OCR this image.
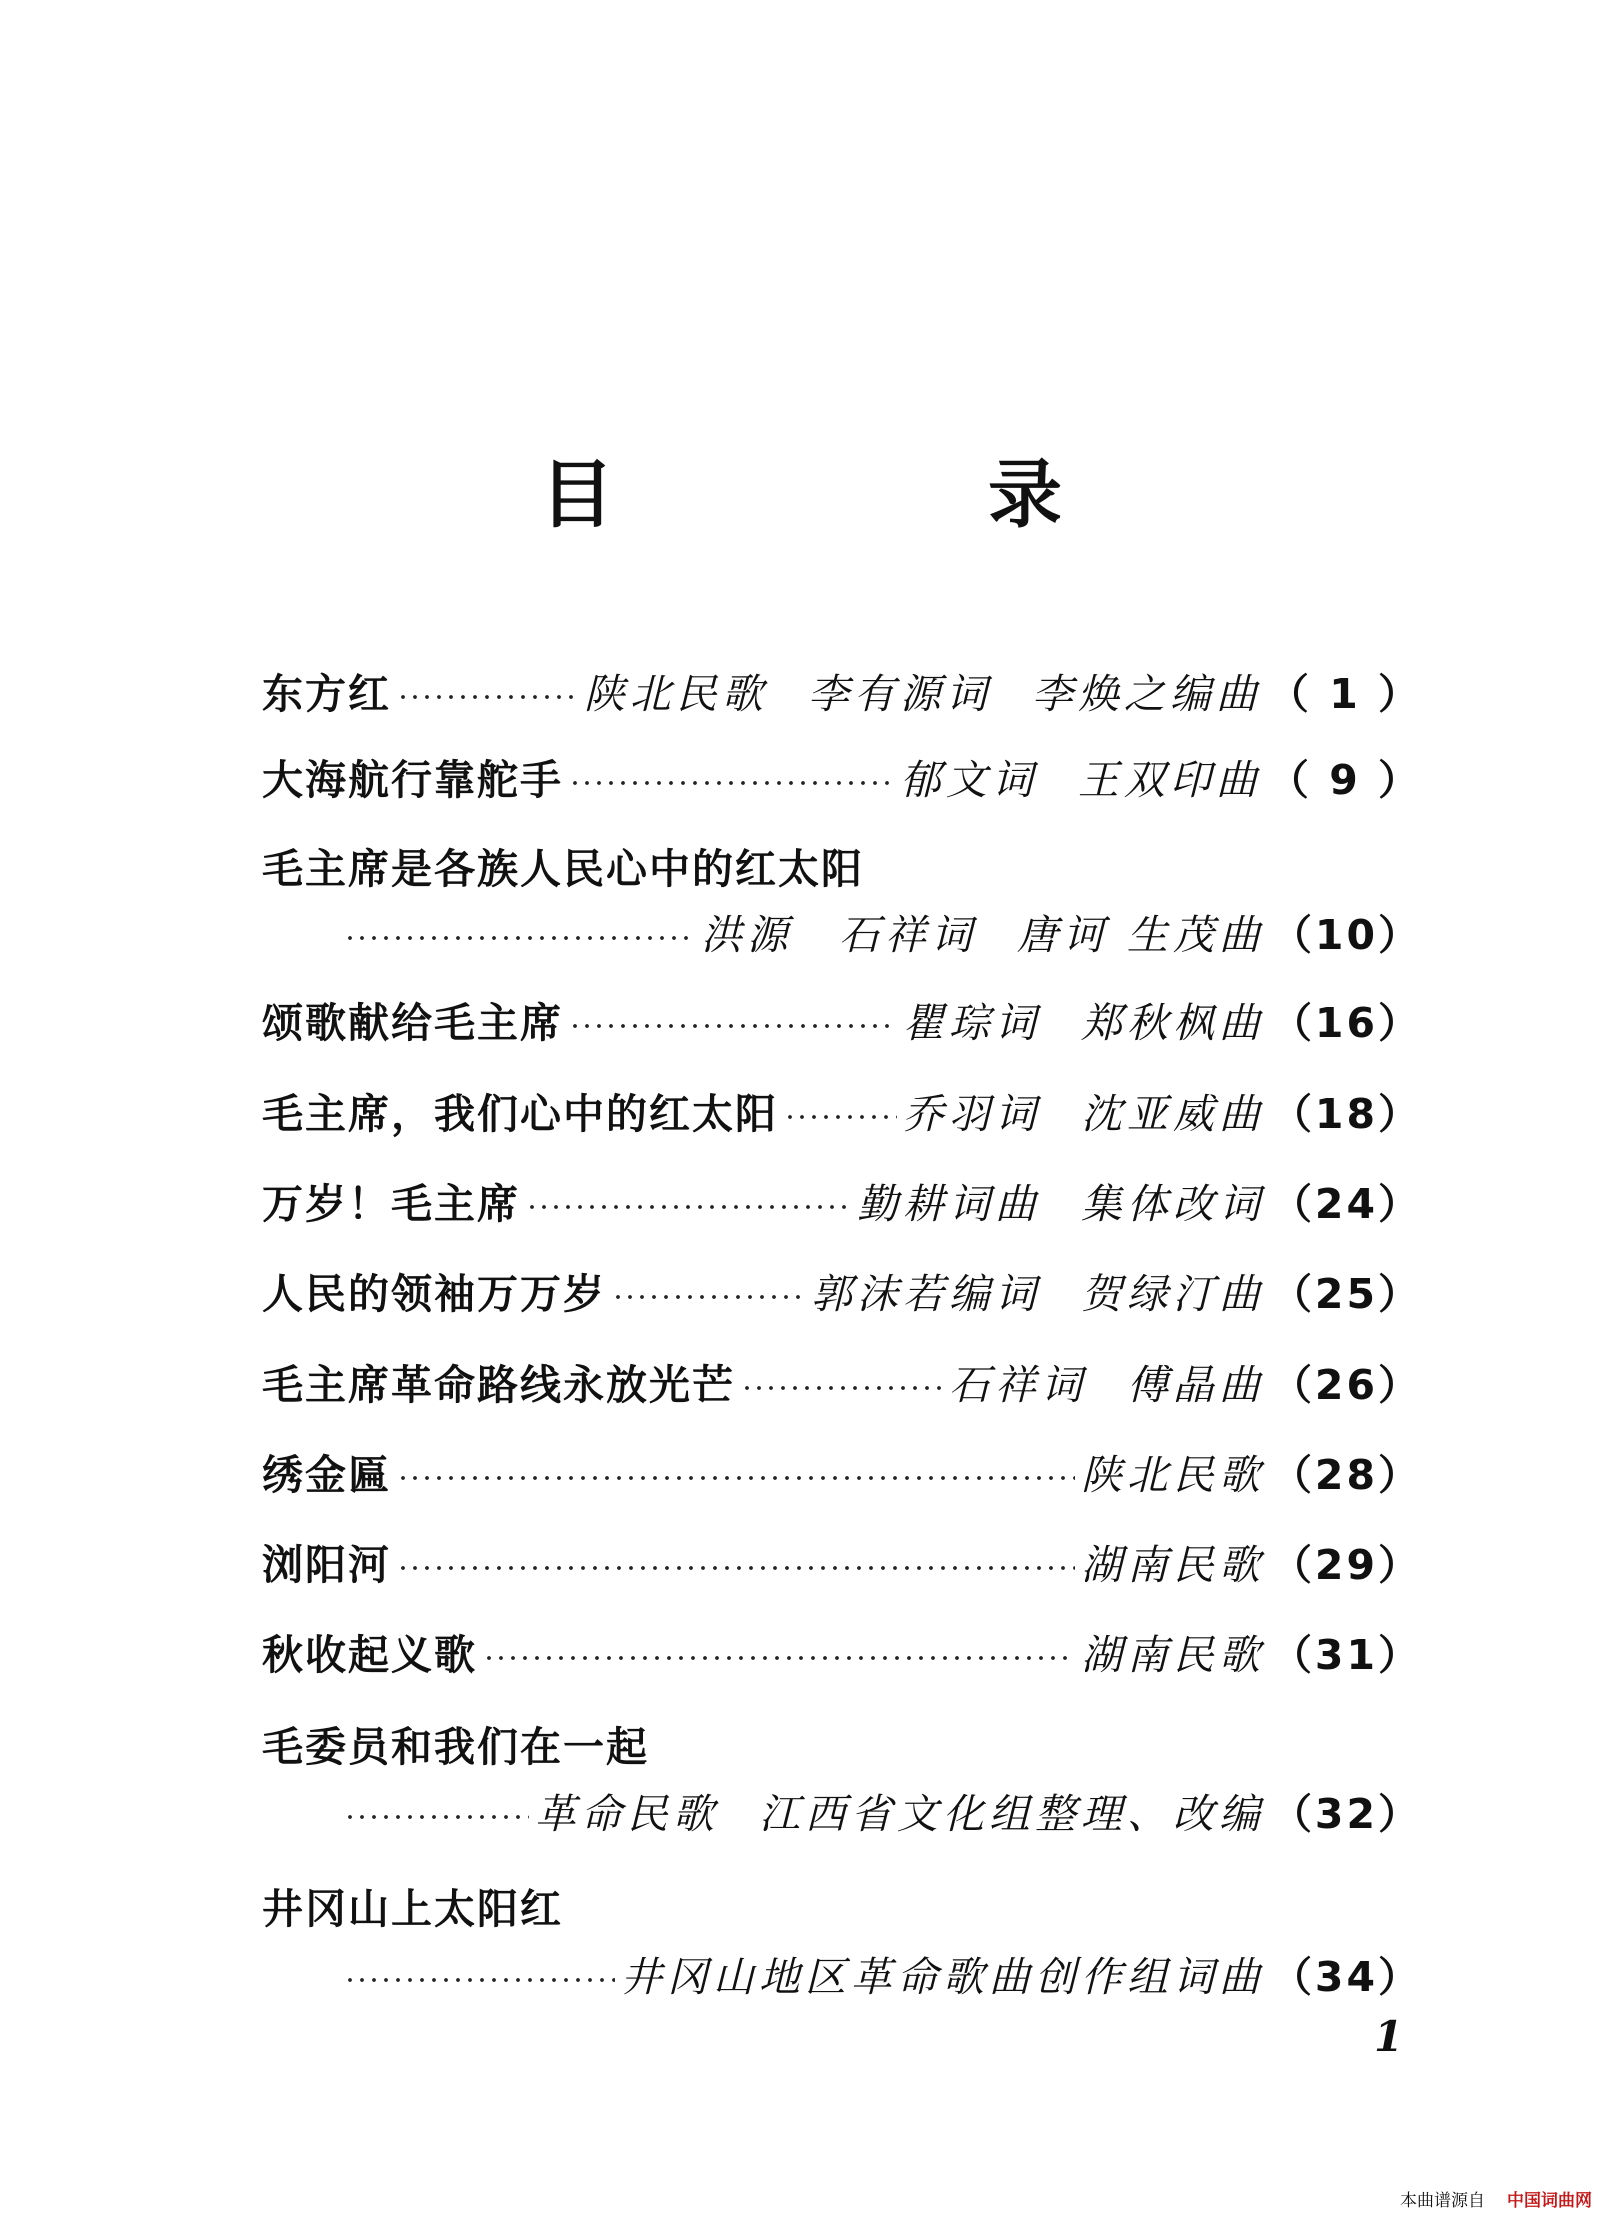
目　录
东方红	陕北民歌 李有源词 李焕之编曲 （ 1 ）
大海航行靠舵手	郁文词 王双印曲 （ 9 ）
毛主席是各族人民心中的红太阳
洪源　石祥词 唐诃 生茂曲 （10）
颂歌献给毛主席	瞿琮词 郑秋枫曲 （16）
毛主席，我们心中的红太阳	乔羽词 沈亚威曲 （18）
万岁！毛主席	勤耕词曲 集体改词 （24）
人民的领袖万万岁	郭沫若编词 贺绿汀曲 （25）
毛主席革命路线永放光芒	石祥词 傅晶曲 （26）
绣金匾	陕北民歌 （28）
浏阳河	湖南民歌 （29）
秋收起义歌	湖南民歌 （31）
毛委员和我们在一起
革命民歌 江西省文化组整理、改编 （32）
井冈山上太阳红
井冈山地区革命歌曲创作组词曲 （34）
1
本曲谱源自 中国词曲网
